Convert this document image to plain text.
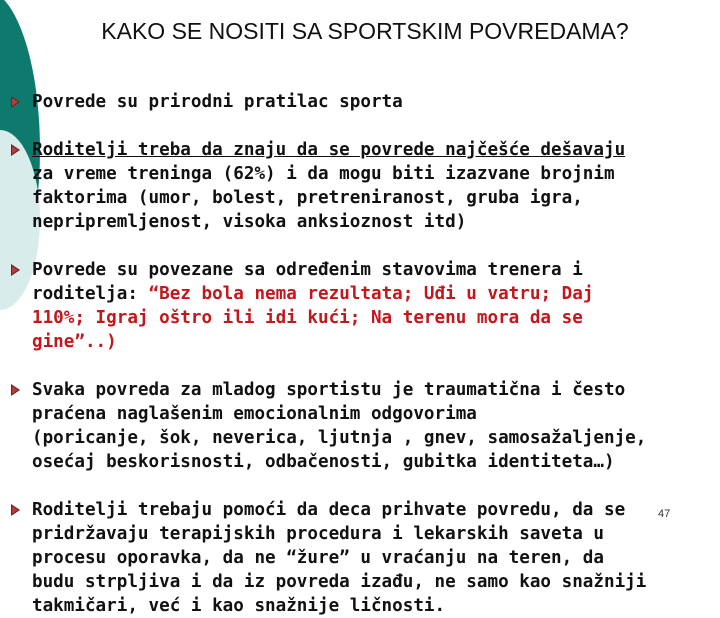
KAKO SE NOSITI SA SPORTSKIM POVREDAMA?

Povrede su prirodni pratilac sporta

Roditelji treba da znaju da se povrede najčešće dešavaju
za vreme treninga (62%) i da mogu biti izazvane brojnim
faktorima (umor, bolest, pretreniranost, gruba igra,
nepripremljenost, visoka anksioznost itd)

Povrede su povezane sa određenim stavovima trenera i
roditelja: “Bez bola nema rezultata; Uđi u vatru; Daj
110%; Igraj oštro ili idi kući; Na terenu mora da se
gine”..)

Svaka povreda za mladog sportistu je traumatična i često
praćena naglašenim emocionalnim odgovorima
(poricanje, šok, neverica, ljutnja , gnev, samosažaljenje,
osećaj beskorisnosti, odbačenosti, gubitka identiteta…)

Roditelji trebaju pomoći da deca prihvate povredu, da se
pridržavaju terapijskih procedura i lekarskih saveta u
procesu oporavka, da ne “žure” u vraćanju na teren, da
budu strpljiva i da iz povreda izađu, ne samo kao snažniji
takmičari, već i kao snažnije ličnosti.

47
